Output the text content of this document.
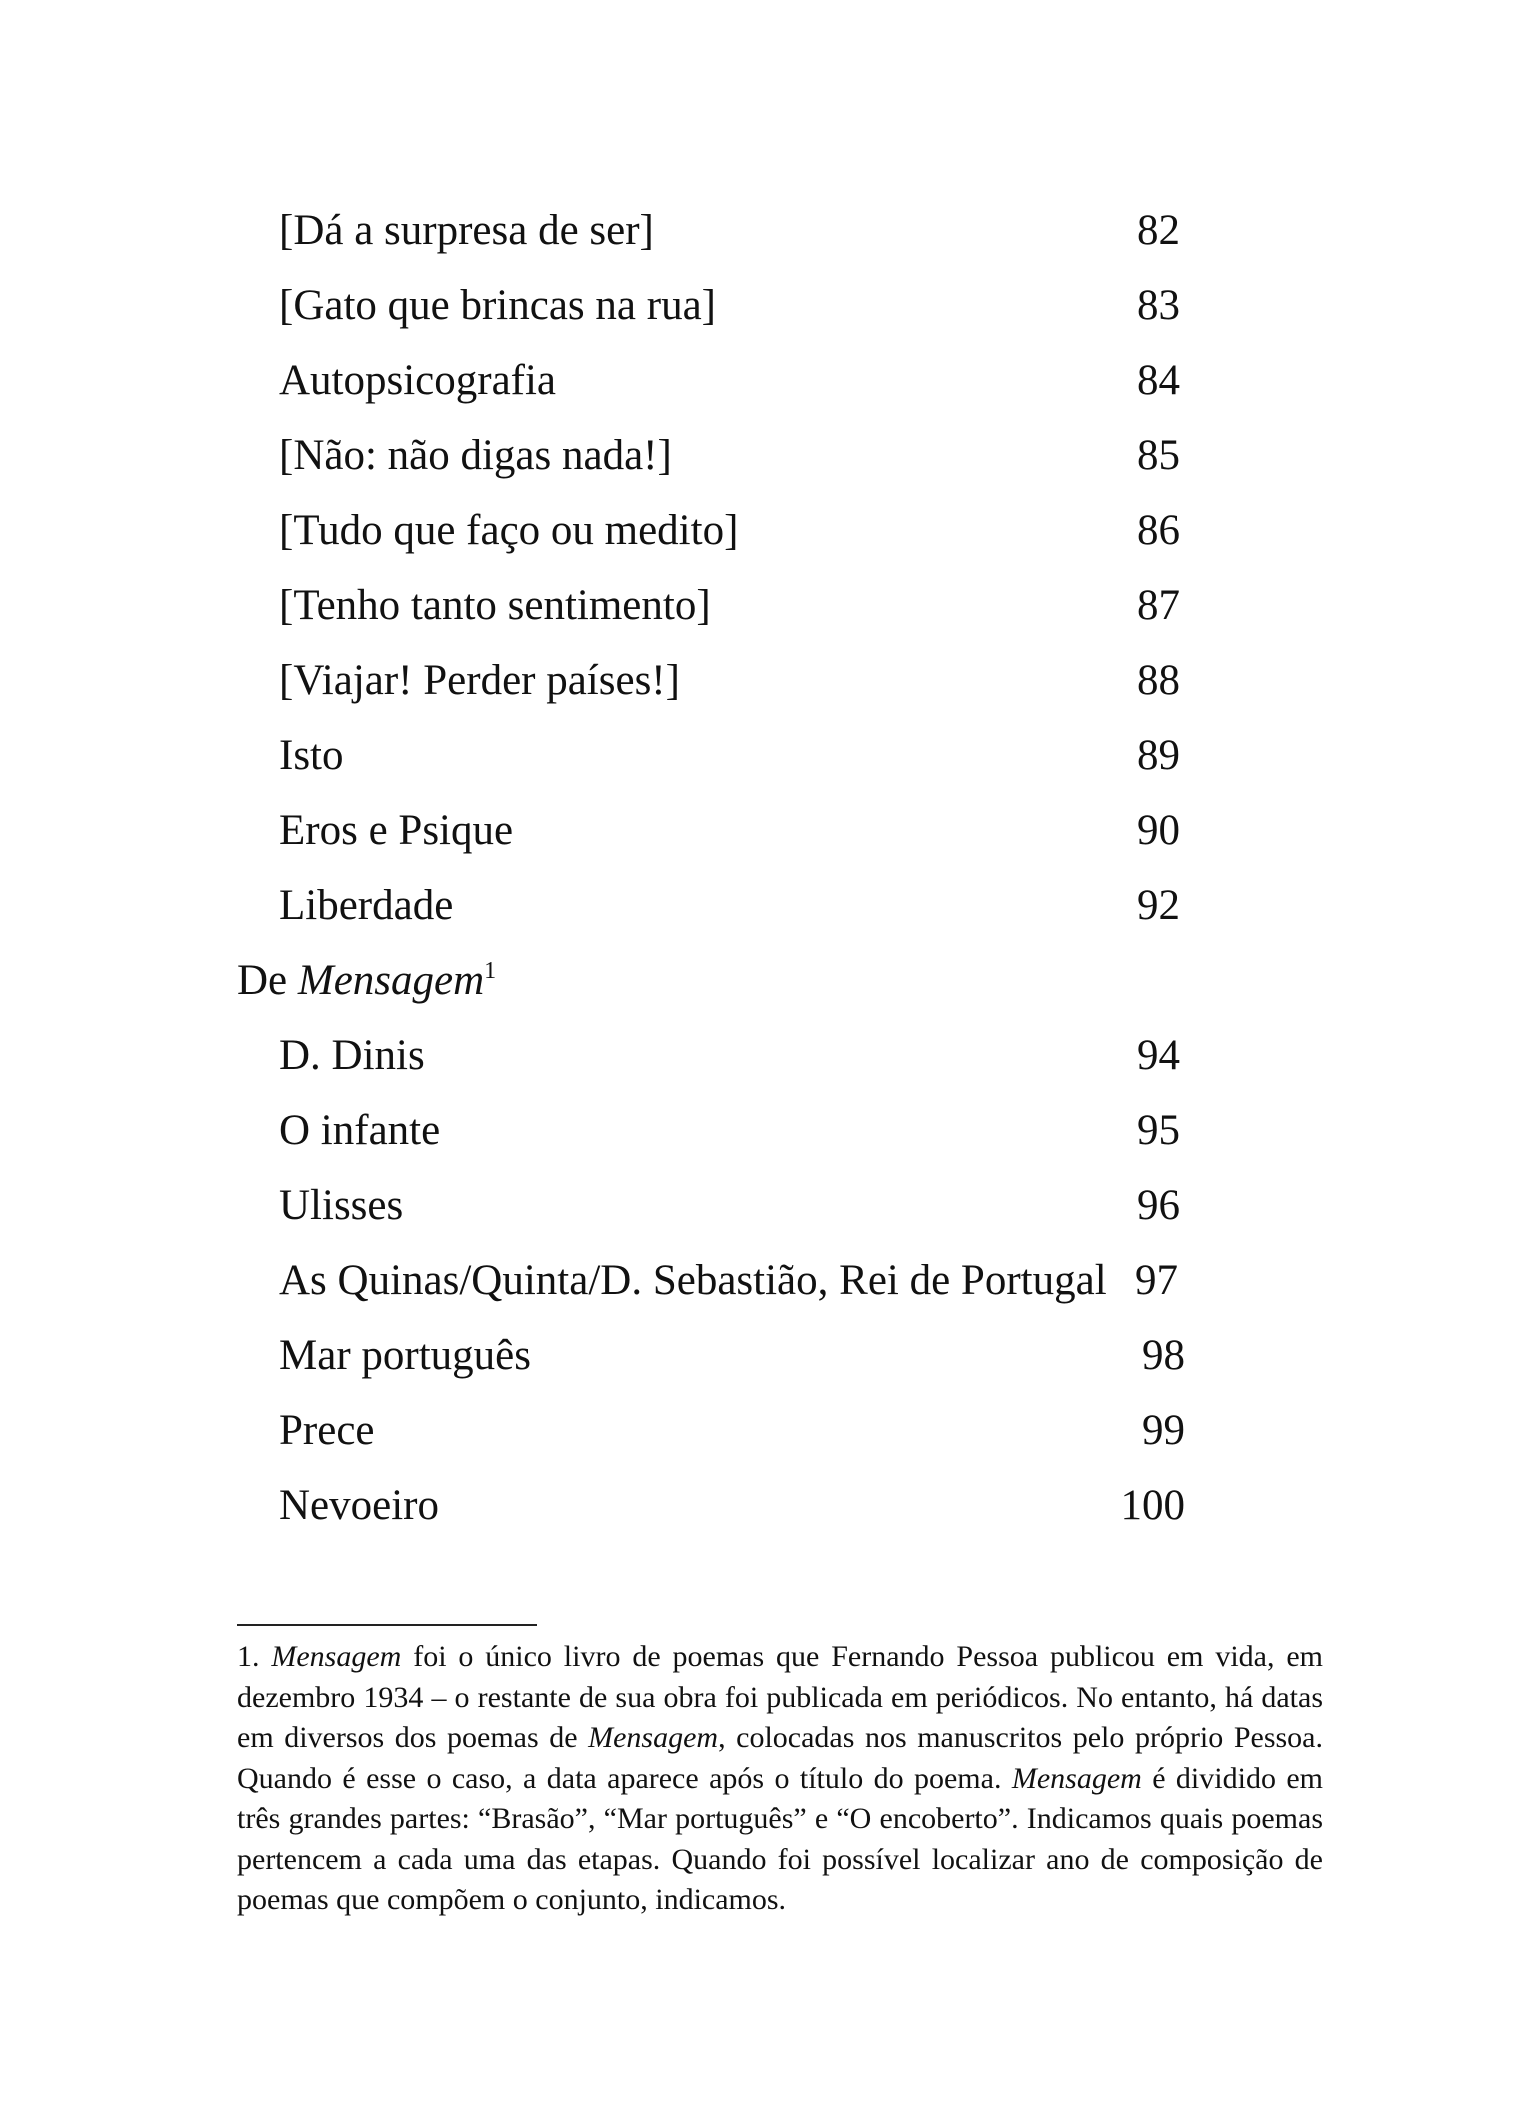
[Dá a surpresa de ser]	82
[Gato que brincas na rua]	83
Autopsicografia	84
[Não: não digas nada!]	85
[Tudo que faço ou medito]	86
[Tenho tanto sentimento]	87
[Viajar! Perder países!]	88
Isto	89
Eros e Psique	90
Liberdade	92
De Mensagem$^1$
D. Dinis	94
O infante	95
Ulisses	96
As Quinas/Quinta/D. Sebastião, Rei de Portugal 97
Mar português	98
Prece	99
Nevoeiro	100

1. Mensagem foi o único livro de poemas que Fernando Pessoa publicou em vida, em dezembro 1934 – o restante de sua obra foi publicada em periódicos. No entanto, há datas em diversos dos poemas de Mensagem, colocadas nos manuscritos pelo próprio Pessoa. Quando é esse o caso, a data aparece após o título do poema. Mensagem é dividido em três grandes partes: “Brasão”, “Mar português” e “O encoberto”. Indicamos quais poemas pertencem a cada uma das etapas. Quando foi possível localizar ano de composição de poemas que compõem o conjunto, indicamos.
